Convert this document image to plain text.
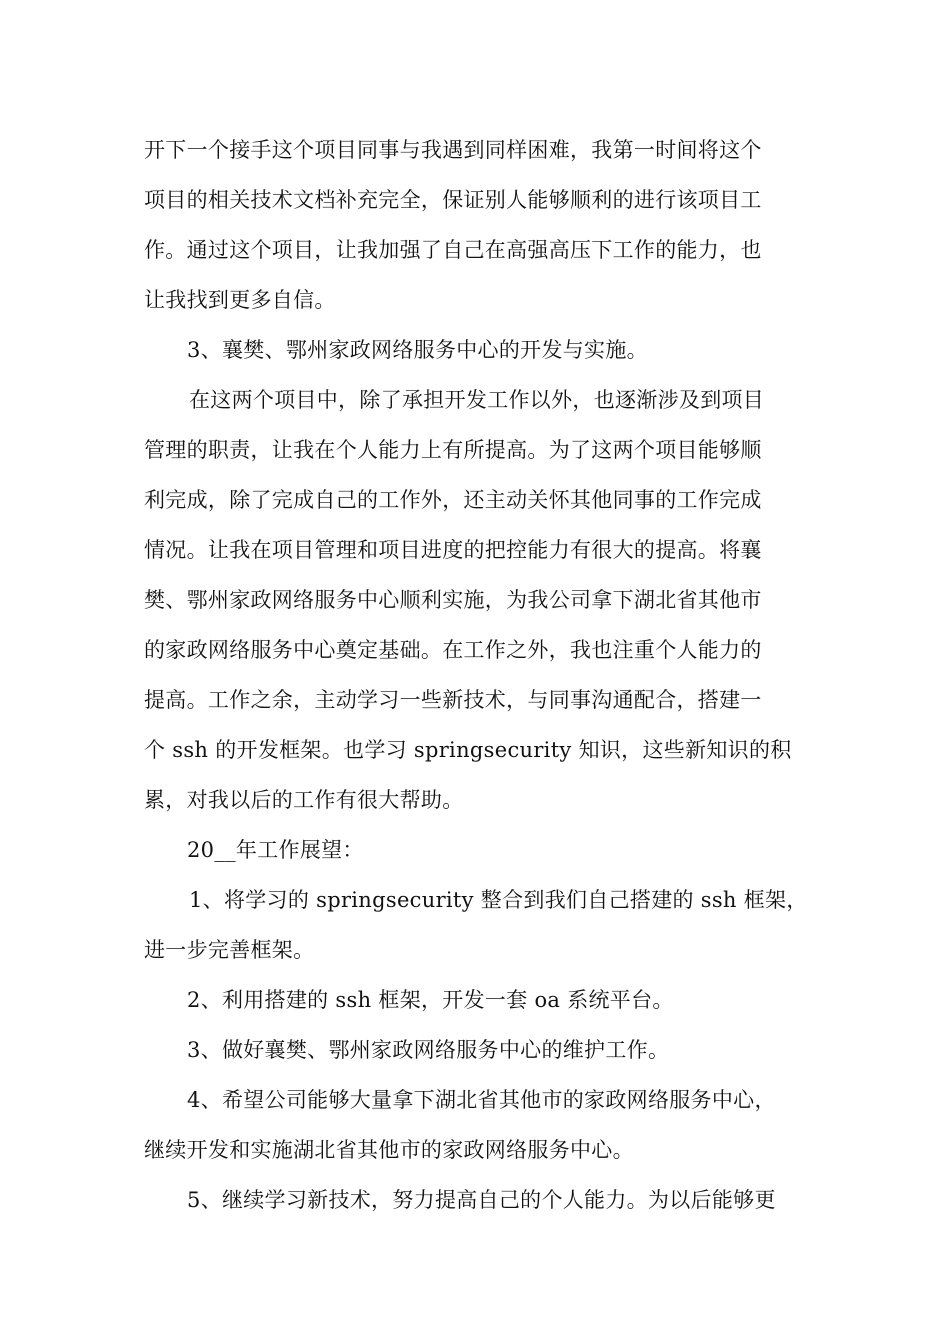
开下一个接手这个项目同事与我遇到同样困难，我第一时间将这个
项目的相关技术文档补充完全，保证别人能够顺利的进行该项目工
作。通过这个项目，让我加强了自己在高强高压下工作的能力，也
让我找到更多自信。
3、襄樊、鄂州家政网络服务中心的开发与实施。
在这两个项目中，除了承担开发工作以外，也逐渐涉及到项目
管理的职责，让我在个人能力上有所提高。为了这两个项目能够顺
利完成，除了完成自己的工作外，还主动关怀其他同事的工作完成
情况。让我在项目管理和项目进度的把控能力有很大的提高。将襄
樊、鄂州家政网络服务中心顺利实施，为我公司拿下湖北省其他市
的家政网络服务中心奠定基础。在工作之外，我也注重个人能力的
提高。工作之余，主动学习一些新技术，与同事沟通配合，搭建一
个 ssh 的开发框架。也学习 springsecurity 知识，这些新知识的积
累，对我以后的工作有很大帮助。
20__年工作展望：
1、将学习的 springsecurity 整合到我们自己搭建的 ssh 框架，
进一步完善框架。
2、利用搭建的 ssh 框架，开发一套 oa 系统平台。
3、做好襄樊、鄂州家政网络服务中心的维护工作。
4、希望公司能够大量拿下湖北省其他市的家政网络服务中心，
继续开发和实施湖北省其他市的家政网络服务中心。
5、继续学习新技术，努力提高自己的个人能力。为以后能够更
